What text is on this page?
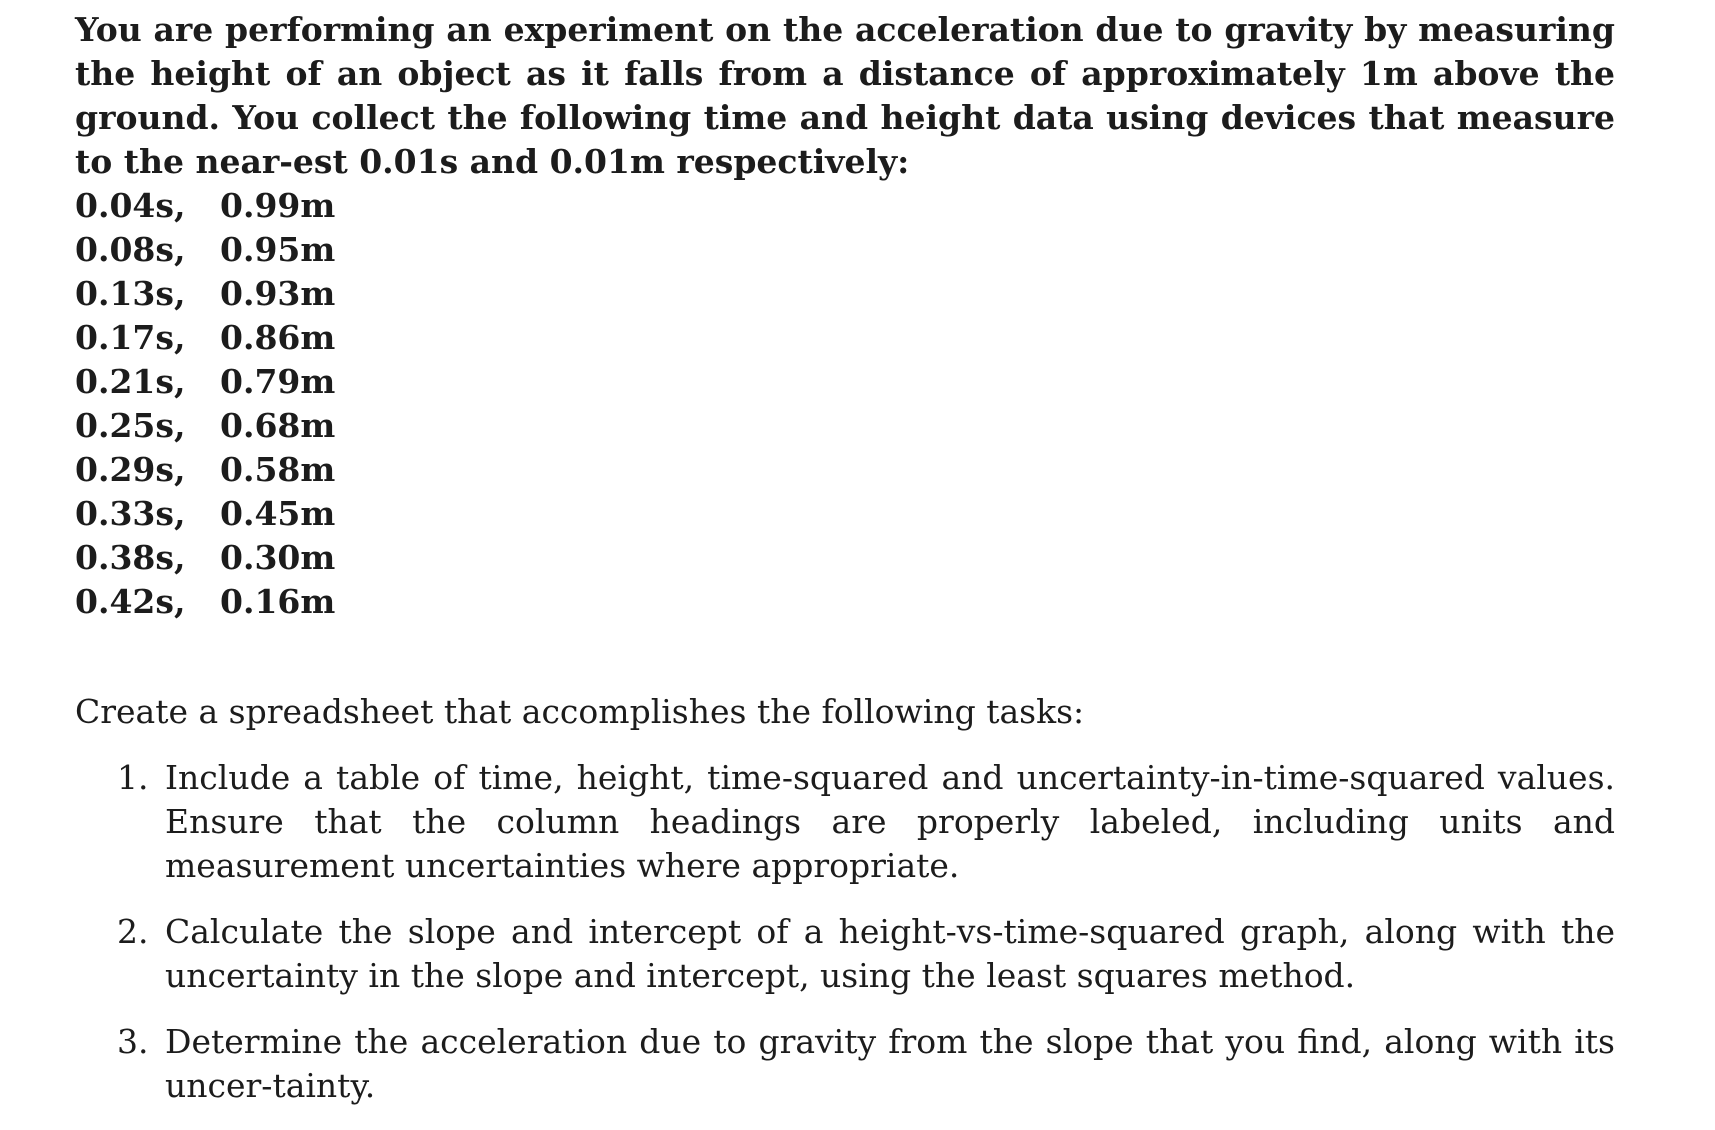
You are performing an experiment on the acceleration due to gravity by measuring the height of an object as it falls from a distance of approximately 1m above the ground. You collect the following time and height data using devices that measure to the near-est 0.01s and 0.01m respectively:

0.04s, 0.99m
0.08s, 0.95m
0.13s, 0.93m
0.17s, 0.86m
0.21s, 0.79m
0.25s, 0.68m
0.29s, 0.58m
0.33s, 0.45m
0.38s, 0.30m
0.42s, 0.16m

Create a spreadsheet that accomplishes the following tasks:

1. Include a table of time, height, time-squared and uncertainty-in-time-squared values. Ensure that the column headings are properly labeled, including units and measurement uncertainties where appropriate.
2. Calculate the slope and intercept of a height-vs-time-squared graph, along with the uncertainty in the slope and intercept, using the least squares method.
3. Determine the acceleration due to gravity from the slope that you find, along with its uncer-tainty.
